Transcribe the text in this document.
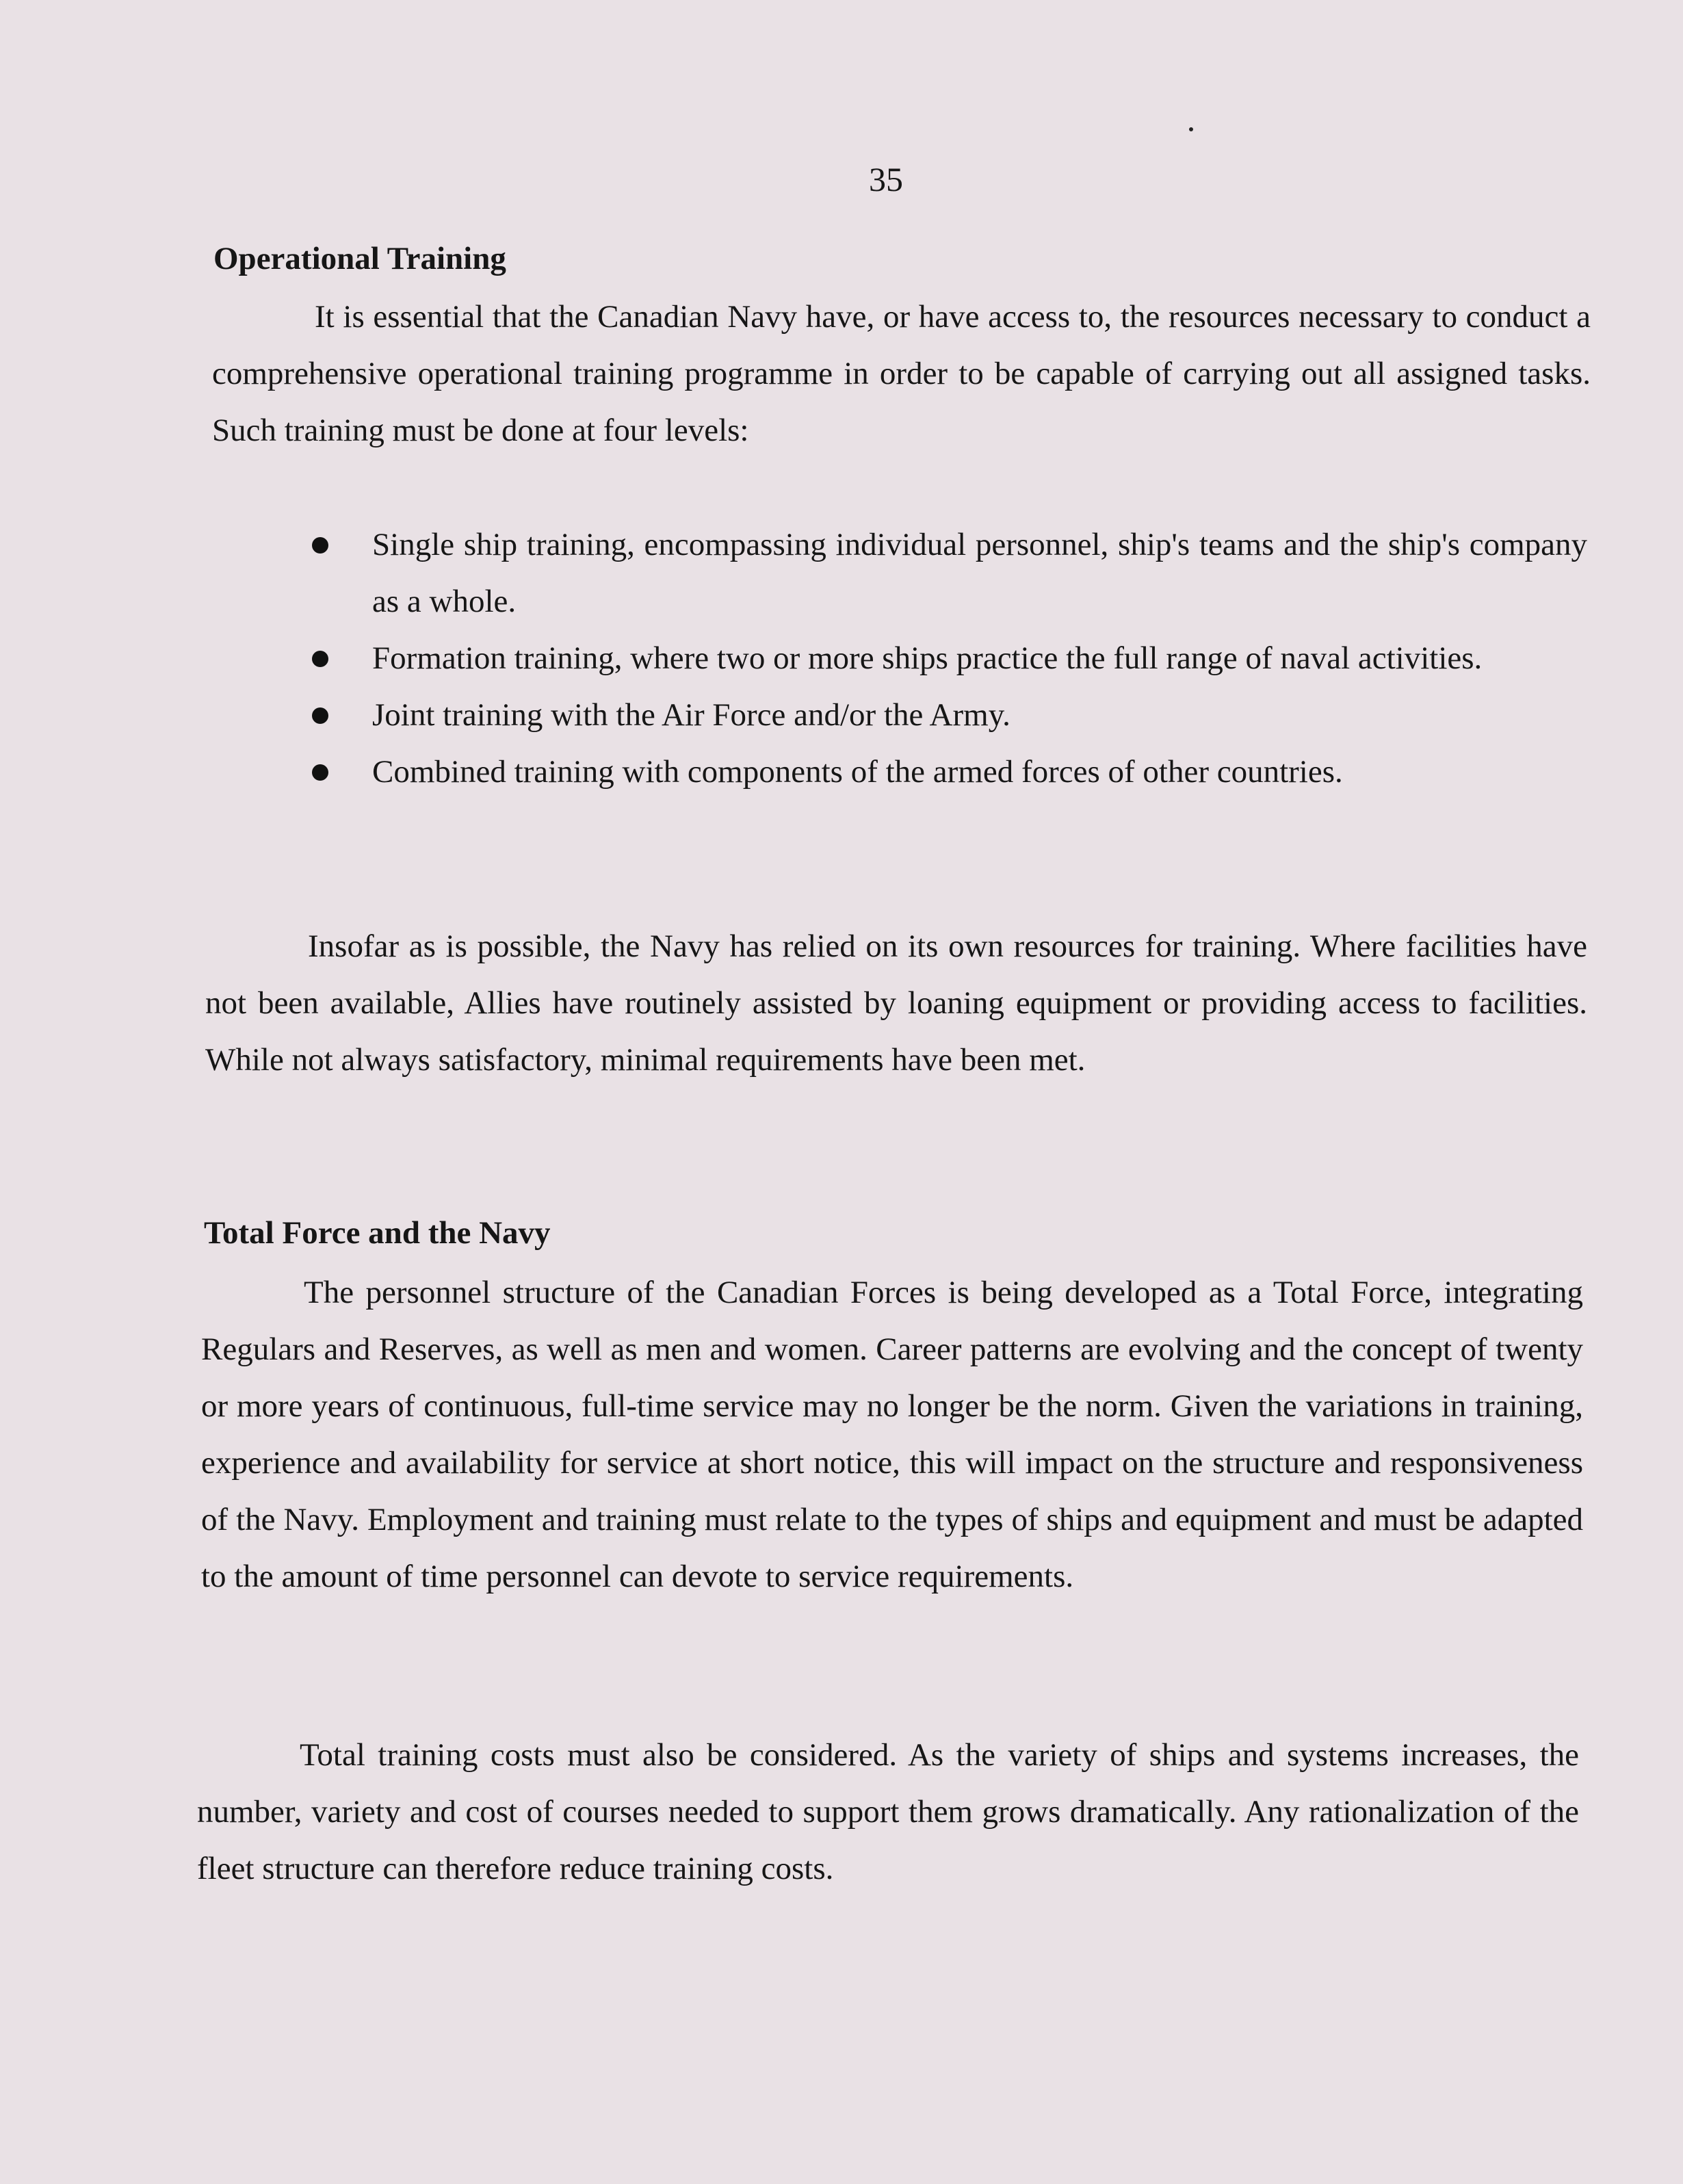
35
Operational Training

It is essential that the Canadian Navy have, or have access to, the resources necessary to conduct a comprehensive operational training programme in order to be capable of carrying out all assigned tasks. Such training must be done at four levels:

Single ship training, encompassing individual personnel, ship's teams and the ship's company as a whole.
Formation training, where two or more ships practice the full range of naval activities.
Joint training with the Air Force and/or the Army.
Combined training with components of the armed forces of other countries.

Insofar as is possible, the Navy has relied on its own resources for training. Where facilities have not been available, Allies have routinely assisted by loaning equipment or providing access to facilities. While not always satisfactory, minimal requirements have been met.

Total Force and the Navy

The personnel structure of the Canadian Forces is being developed as a Total Force, integrating Regulars and Reserves, as well as men and women. Career patterns are evolving and the concept of twenty or more years of continuous, full-time service may no longer be the norm. Given the variations in training, experience and availability for service at short notice, this will impact on the structure and responsiveness of the Navy. Employment and training must relate to the types of ships and equipment and must be adapted to the amount of time personnel can devote to service requirements.

Total training costs must also be considered. As the variety of ships and systems increases, the number, variety and cost of courses needed to support them grows dramatically. Any rationalization of the fleet structure can therefore reduce training costs.
